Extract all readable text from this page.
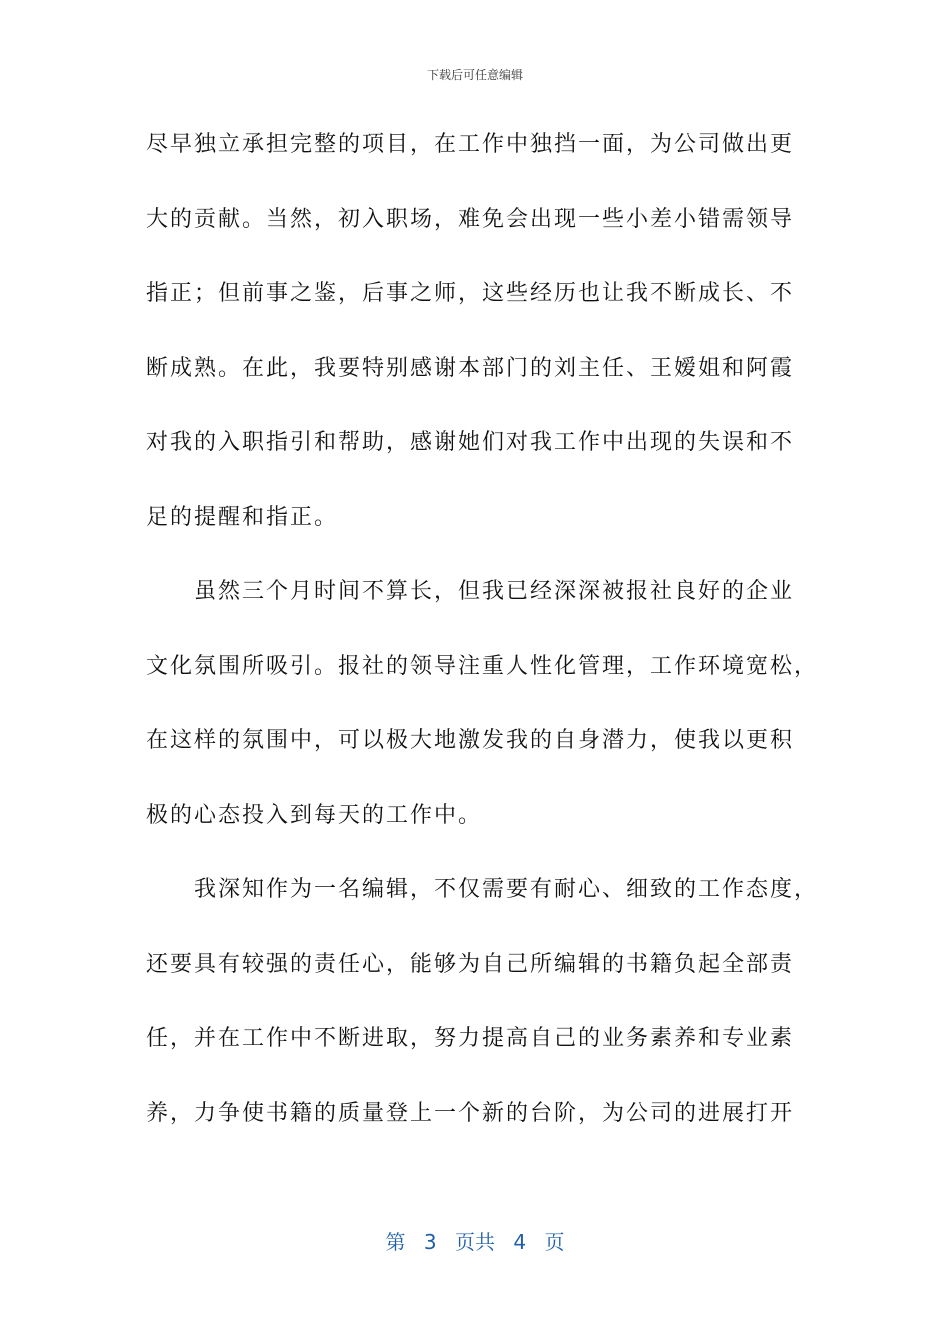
下载后可任意编辑
尽早独立承担完整的项目，在工作中独挡一面，为公司做出更
大的贡献。当然，初入职场，难免会出现一些小差小错需领导
指正；但前事之鉴，后事之师，这些经历也让我不断成长、不
断成熟。在此，我要特别感谢本部门的刘主任、王嫒姐和阿霞
对我的入职指引和帮助，感谢她们对我工作中出现的失误和不
足的提醒和指正。
　　虽然三个月时间不算长，但我已经深深被报社良好的企业
文化氛围所吸引。报社的领导注重人性化管理，工作环境宽松，
在这样的氛围中，可以极大地激发我的自身潜力，使我以更积
极的心态投入到每天的工作中。
　　我深知作为一名编辑，不仅需要有耐心、细致的工作态度，
还要具有较强的责任心，能够为自己所编辑的书籍负起全部责
任，并在工作中不断进取，努力提高自己的业务素养和专业素
养，力争使书籍的质量登上一个新的台阶，为公司的进展打开
第 3 页共 4 页
